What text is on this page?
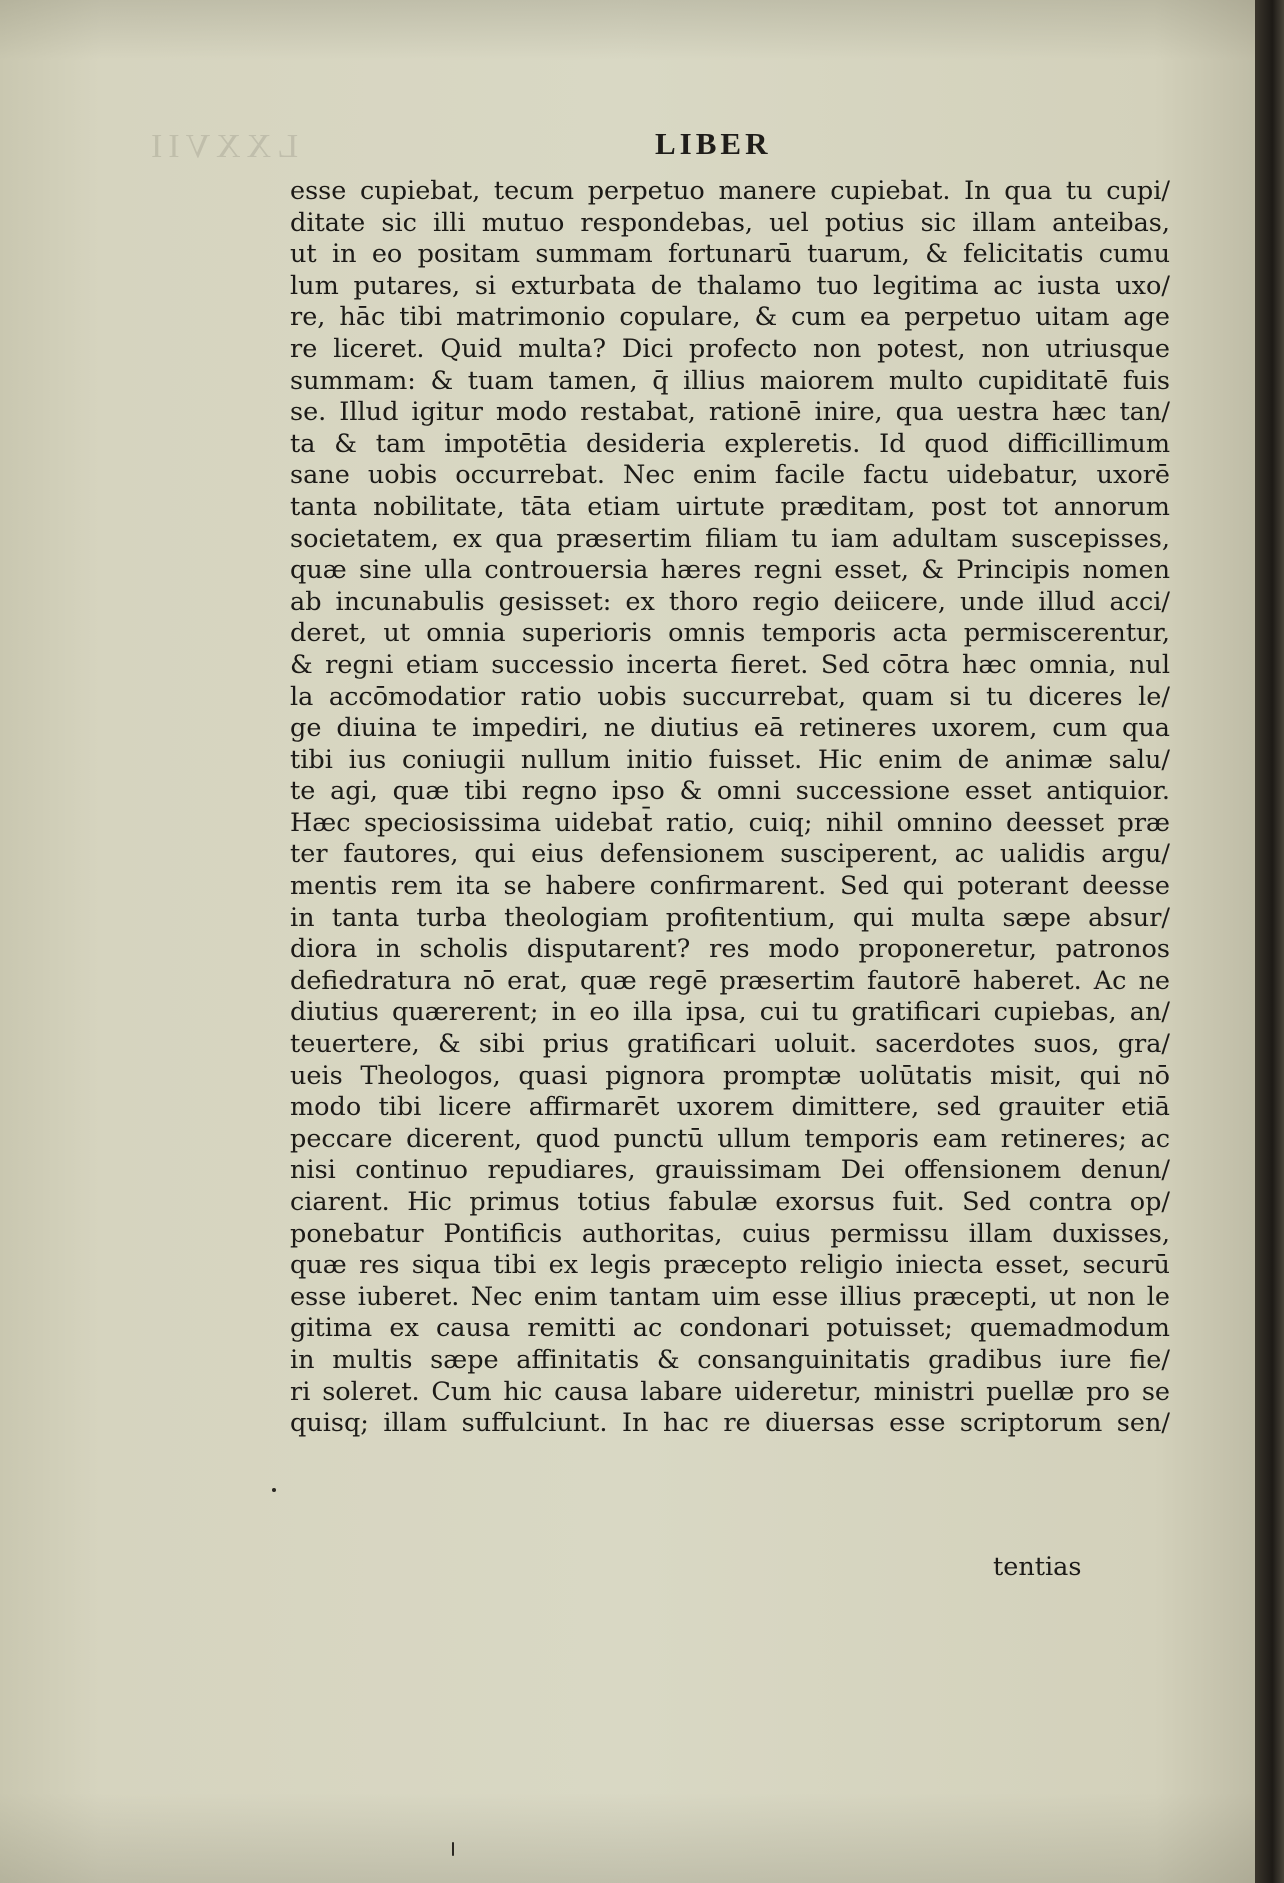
LXXVII	LIBER
esse cupiebat, tecum perpetuo manere cupiebat. In qua tu cupi/
ditate sic illi mutuo respondebas, uel potius sic illam anteibas,
ut in eo positam summam fortunarū tuarum, & felicitatis cumu
lum putares, si exturbata de thalamo tuo legitima ac iusta uxo/
re, hāc tibi matrimonio copulare, & cum ea perpetuo uitam age
re liceret. Quid multa? Dici profecto non potest, non utriusque
summam: & tuam tamen, q̄ illius maiorem multo cupiditatē fuis
se. Illud igitur modo restabat, rationē inire, qua uestra hæc tan/
ta & tam impotētia desideria expleretis. Id quod difficillimum
sane uobis occurrebat. Nec enim facile factu uidebatur, uxorē
tanta nobilitate, tāta etiam uirtute præditam, post tot annorum
societatem, ex qua præsertim filiam tu iam adultam suscepisses,
quæ sine ulla controuersia hæres regni esset, & Principis nomen
ab incunabulis gesisset: ex thoro regio deiicere, unde illud acci/
deret, ut omnia superioris omnis temporis acta permiscerentur,
& regni etiam successio incerta fieret. Sed cōtra hæc omnia, nul
la accōmodatior ratio uobis succurrebat, quam si tu diceres le/
ge diuina te impediri, ne diutius eā retineres uxorem, cum qua
tibi ius coniugii nullum initio fuisset. Hic enim de animæ salu/
te agi, quæ tibi regno ipso & omni successione esset antiquior.
Hæc speciosissima uidebat̄ ratio, cuiq; nihil omnino deesset præ
ter fautores, qui eius defensionem susciperent, ac ualidis argu/
mentis rem ita se habere confirmarent. Sed qui poterant deesse
in tanta turba theologiam profitentium, qui multa sæpe absur/
diora in scholis disputarent? res modo proponeretur, patronos
defiedratura nō erat, quæ regē præsertim fautorē haberet. Ac ne
diutius quærerent; in eo illa ipsa, cui tu gratificari cupiebas, an/
teuertere, & sibi prius gratificari uoluit. sacerdotes suos, gra/
ueis Theologos, quasi pignora promptæ uolūtatis misit, qui nō
modo tibi licere affirmarēt uxorem dimittere, sed grauiter etiā
peccare dicerent, quod punctū ullum temporis eam retineres; ac
nisi continuo repudiares, grauissimam Dei offensionem denun/
ciarent. Hic primus totius fabulæ exorsus fuit. Sed contra op/
ponebatur Pontificis authoritas, cuius permissu illam duxisses,
quæ res siqua tibi ex legis præcepto religio iniecta esset, securū
esse iuberet. Nec enim tantam uim esse illius præcepti, ut non le
gitima ex causa remitti ac condonari potuisset; quemadmodum
in multis sæpe affinitatis & consanguinitatis gradibus iure fie/
ri soleret. Cum hic causa labare uideretur, ministri puellæ pro se
quisq; illam suffulciunt. In hac re diuersas esse scriptorum sen/
tentias
